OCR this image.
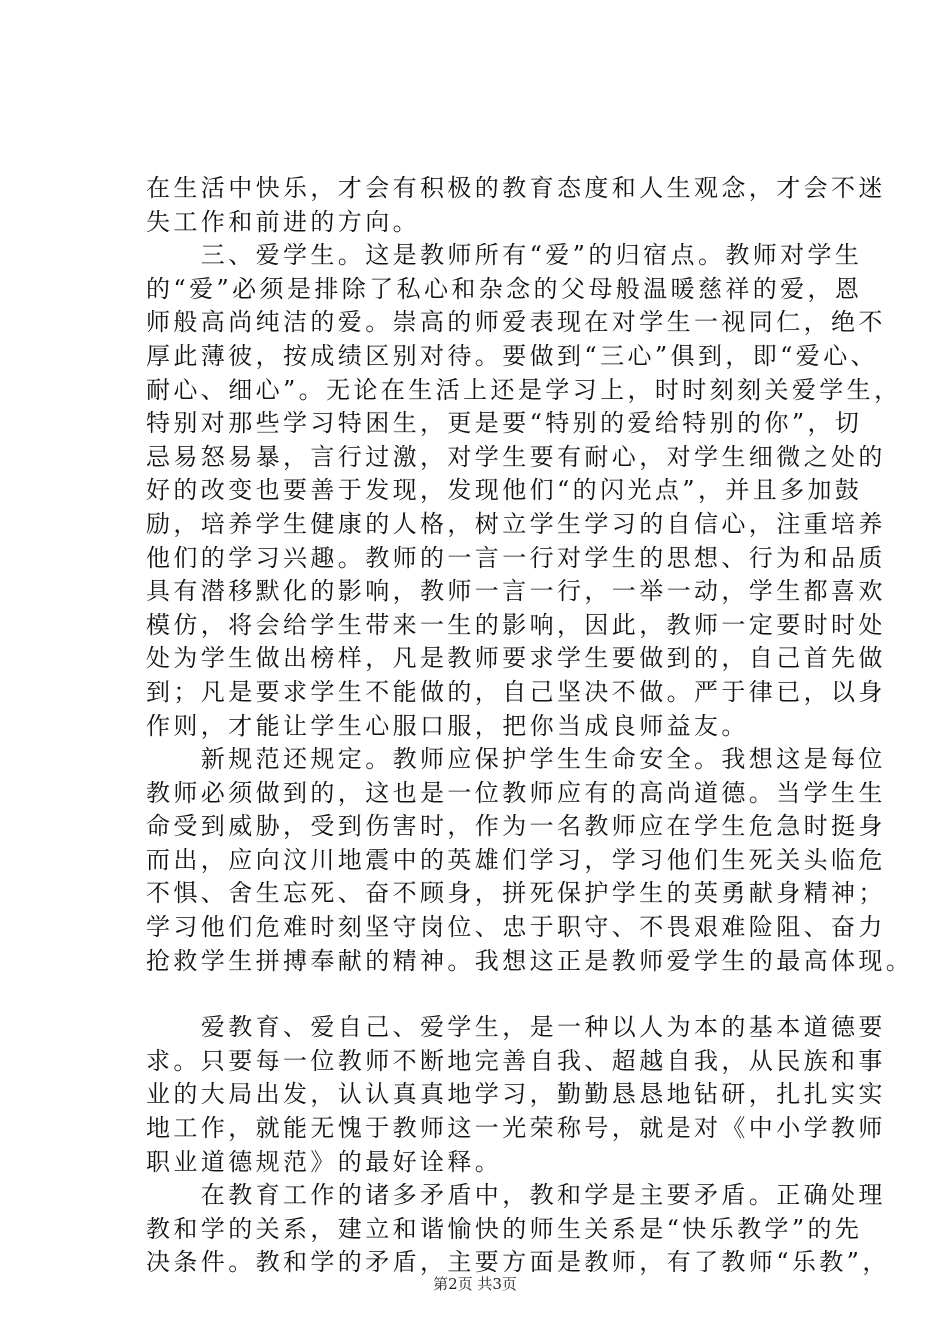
在生活中快乐，才会有积极的教育态度和人生观念，才会不迷
失工作和前进的方向。
　　三、爱学生。这是教师所有“爱”的归宿点。教师对学生
的“爱”必须是排除了私心和杂念的父母般温暖慈祥的爱，恩
师般高尚纯洁的爱。崇高的师爱表现在对学生一视同仁，绝不
厚此薄彼，按成绩区别对待。要做到“三心”俱到，即“爱心、
耐心、细心”。无论在生活上还是学习上，时时刻刻关爱学生，
特别对那些学习特困生，更是要“特别的爱给特别的你”，切
忌易怒易暴，言行过激，对学生要有耐心，对学生细微之处的
好的改变也要善于发现，发现他们“的闪光点”，并且多加鼓
励，培养学生健康的人格，树立学生学习的自信心，注重培养
他们的学习兴趣。教师的一言一行对学生的思想、行为和品质
具有潜移默化的影响，教师一言一行，一举一动，学生都喜欢
模仿，将会给学生带来一生的影响，因此，教师一定要时时处
处为学生做出榜样，凡是教师要求学生要做到的，自己首先做
到；凡是要求学生不能做的，自己坚决不做。严于律已，以身
作则，才能让学生心服口服，把你当成良师益友。
　　新规范还规定。教师应保护学生生命安全。我想这是每位
教师必须做到的，这也是一位教师应有的高尚道德。当学生生
命受到威胁，受到伤害时，作为一名教师应在学生危急时挺身
而出，应向汶川地震中的英雄们学习，学习他们生死关头临危
不惧、舍生忘死、奋不顾身，拼死保护学生的英勇献身精神；
学习他们危难时刻坚守岗位、忠于职守、不畏艰难险阻、奋力
抢救学生拼搏奉献的精神。我想这正是教师爱学生的最高体现。
　　爱教育、爱自己、爱学生，是一种以人为本的基本道德要
求。只要每一位教师不断地完善自我、超越自我，从民族和事
业的大局出发，认认真真地学习，勤勤恳恳地钻研，扎扎实实
地工作，就能无愧于教师这一光荣称号，就是对《中小学教师
职业道德规范》的最好诠释。
　　在教育工作的诸多矛盾中，教和学是主要矛盾。正确处理
教和学的关系，建立和谐愉快的师生关系是“快乐教学”的先
决条件。教和学的矛盾，主要方面是教师，有了教师“乐教”，
第2页 共3页
